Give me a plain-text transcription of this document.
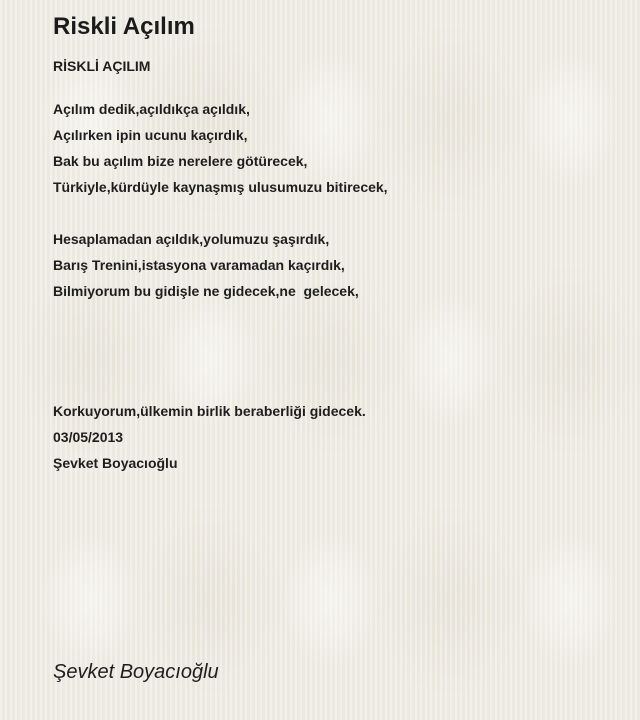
Riskli Açılım
RİSKLİ AÇILIM
Açılım dedik,açıldıkça açıldık,
Açılırken ipin ucunu kaçırdık,
Bak bu açılım bize nerelere götürecek,
Türkiyle,kürdüyle kaynaşmış ulusumuzu bitirecek,
Hesaplamadan açıldık,yolumuzu şaşırdık,
Barış Trenini,istasyona varamadan kaçırdık,
Bilmiyorum bu gidişle ne gidecek,ne  gelecek,
Korkuyorum,ülkemin birlik beraberliği gidecek.
03/05/2013
Şevket Boyacıoğlu
Şevket Boyacıoğlu
